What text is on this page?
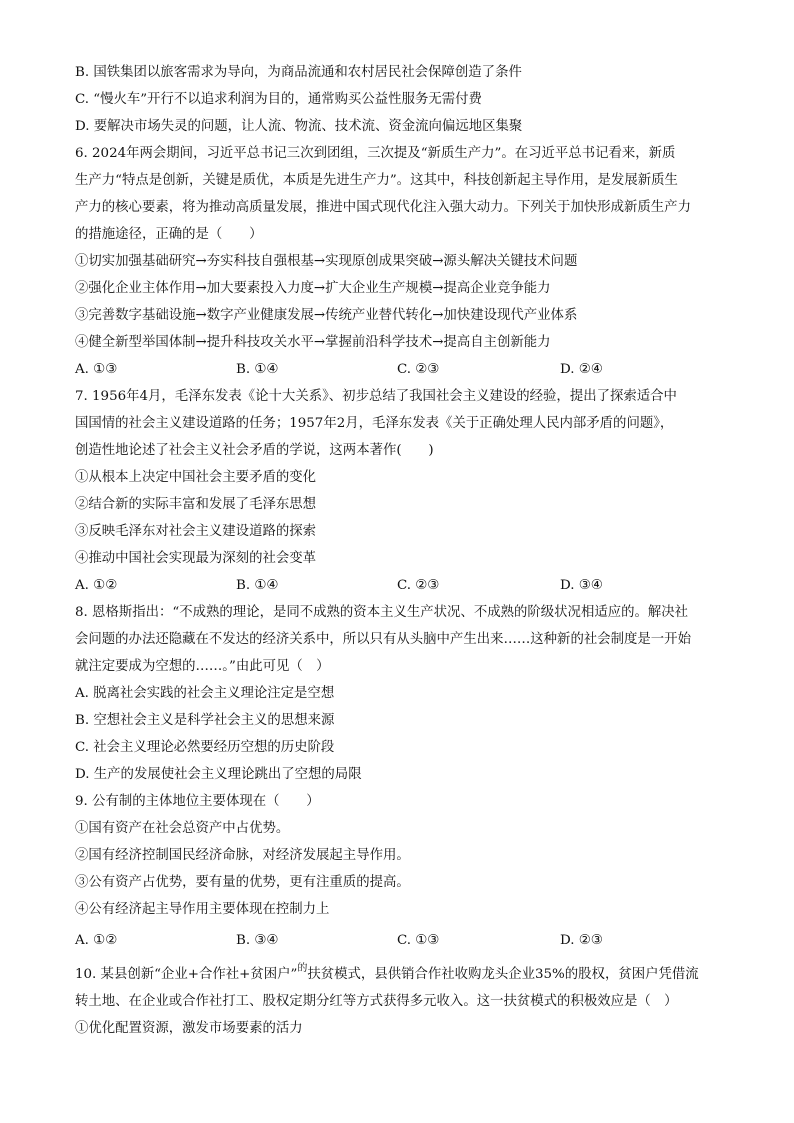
B. 国铁集团以旅客需求为导向，为商品流通和农村居民社会保障创造了条件
C. “慢火车”开行不以追求利润为目的，通常购买公益性服务无需付费
D. 要解决市场失灵的问题，让人流、物流、技术流、资金流向偏远地区集聚
6. 2024年两会期间，习近平总书记三次到团组，三次提及“新质生产力”。在习近平总书记看来，新质
生产力“特点是创新，关键是质优，本质是先进生产力”。这其中，科技创新起主导作用，是发展新质生
产力的核心要素，将为推动高质量发展，推进中国式现代化注入强大动力。下列关于加快形成新质生产力
的措施途径，正确的是（　　）
①切实加强基础研究→夯实科技自强根基→实现原创成果突破→源头解决关键技术问题
②强化企业主体作用→加大要素投入力度→扩大企业生产规模→提高企业竞争能力
③完善数字基础设施→数字产业健康发展→传统产业替代转化→加快建设现代产业体系
④健全新型举国体制→提升科技攻关水平→掌握前沿科学技术→提高自主创新能力
A. ①③	B. ①④	C. ②③	D. ②④
7. 1956年4月，毛泽东发表《论十大关系》、初步总结了我国社会主义建设的经验，提出了探索适合中
国国情的社会主义建设道路的任务；1957年2月，毛泽东发表《关于正确处理人民内部矛盾的问题》，
创造性地论述了社会主义社会矛盾的学说，这两本著作(　　)
①从根本上决定中国社会主要矛盾的变化
②结合新的实际丰富和发展了毛泽东思想
③反映毛泽东对社会主义建设道路的探索
④推动中国社会实现最为深刻的社会变革
A. ①②	B. ①④	C. ②③	D. ③④
8. 恩格斯指出：“不成熟的理论，是同不成熟的资本主义生产状况、不成熟的阶级状况相适应的。解决社
会问题的办法还隐藏在不发达的经济关系中，所以只有从头脑中产生出来……这种新的社会制度是一开始
就注定要成为空想的……。”由此可见（　）
A. 脱离社会实践的社会主义理论注定是空想
B. 空想社会主义是科学社会主义的思想来源
C. 社会主义理论必然要经历空想的历史阶段
D. 生产的发展使社会主义理论跳出了空想的局限
9. 公有制的主体地位主要体现在（　　）
①国有资产在社会总资产中占优势。
②国有经济控制国民经济命脉，对经济发展起主导作用。
③公有资产占优势，要有量的优势，更有注重质的提高。
④公有经济起主导作用主要体现在控制力上
A. ①②	B. ③④	C. ①③	D. ②③
10. 某县创新“企业+合作社+贫困户”$^的$扶贫模式，县供销合作社收购龙头企业35%的股权，贫困户凭借流
转土地、在企业或合作社打工、股权定期分红等方式获得多元收入。这一扶贫模式的积极效应是（　）
①优化配置资源，激发市场要素的活力
